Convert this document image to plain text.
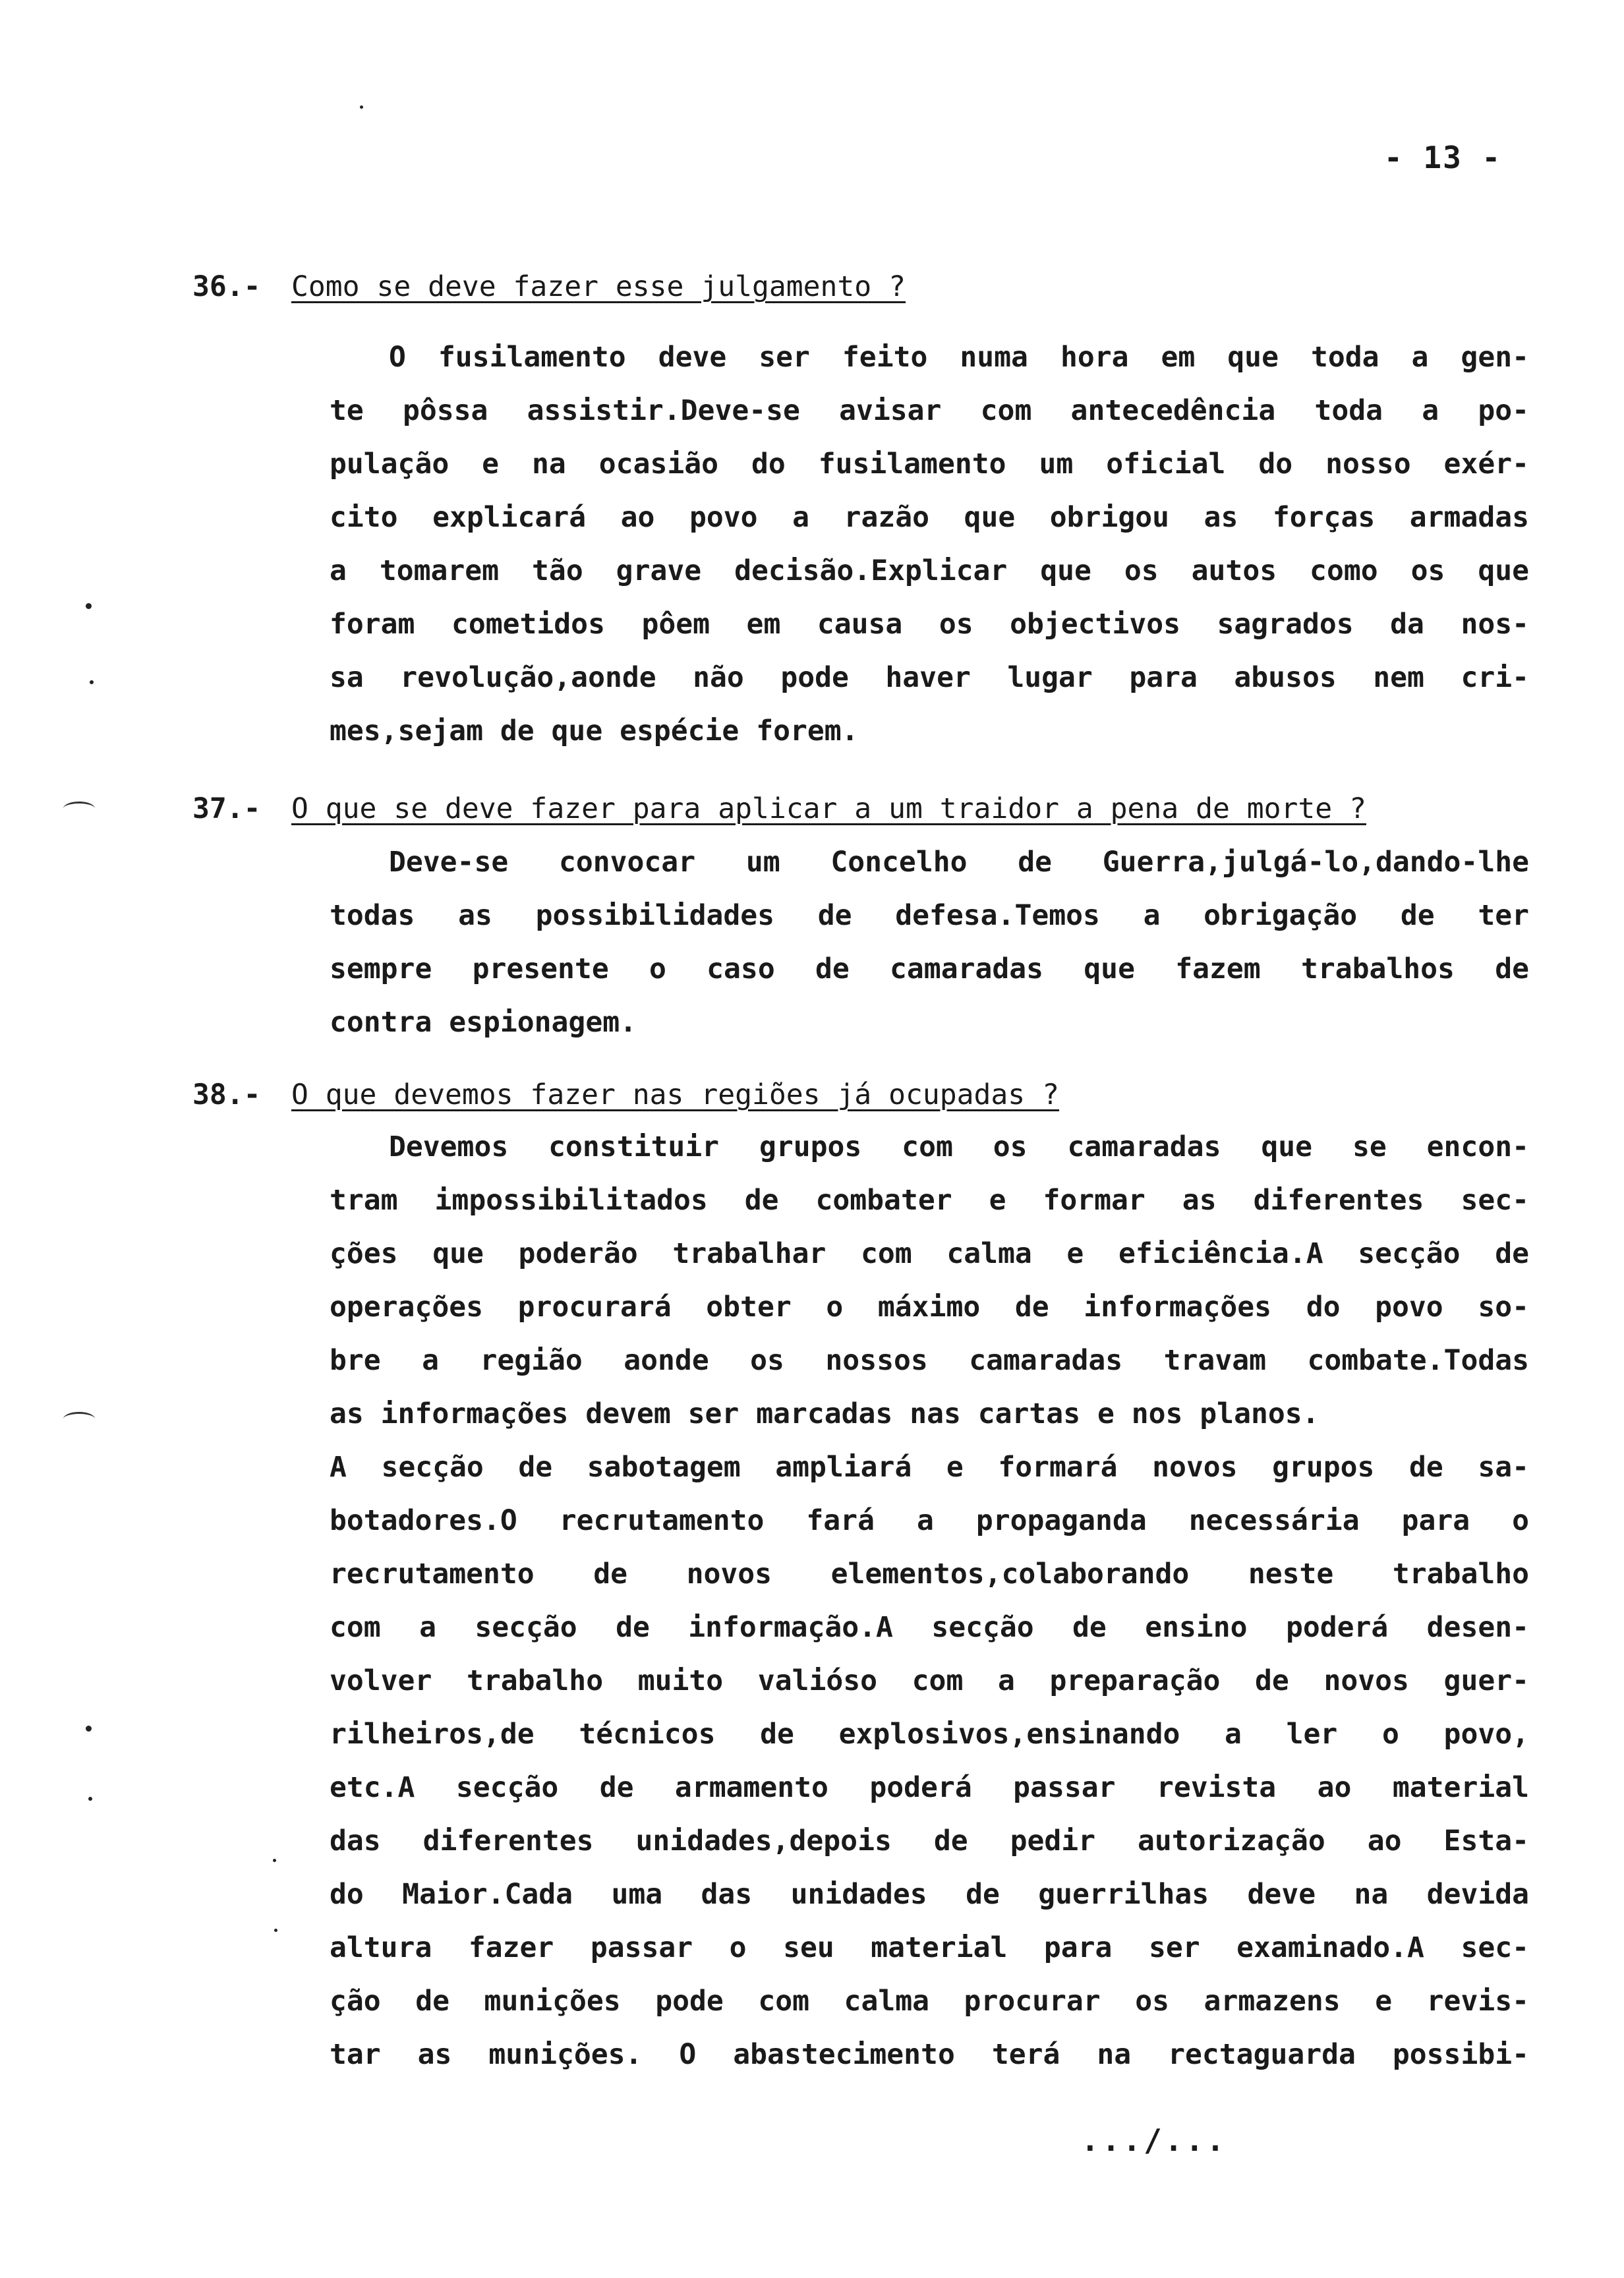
- 13 -
36.- Como se deve fazer esse julgamento ?
O fusilamento deve ser feito numa hora em que toda a gen-
te pôssa assistir.Deve-se avisar com antecedência toda a po-
pulação e na ocasião do fusilamento um oficial do nosso exér-
cito explicará ao povo a razão que obrigou as forças armadas
a tomarem tão grave decisão.Explicar que os autos como os que
foram cometidos pôem em causa os objectivos sagrados da nos-
sa revolução,aonde não pode haver lugar para abusos nem cri-
mes,sejam de que espécie forem.
37.- O que se deve fazer para aplicar a um traidor a pena de morte ?
Deve-se convocar um Concelho de Guerra,julgá-lo,dando-lhe
todas as possibilidades de defesa.Temos a obrigação de ter
sempre presente o caso de camaradas que fazem trabalhos de
contra espionagem.
38.- O que devemos fazer nas regiões já ocupadas ?
Devemos constituir grupos com os camaradas que se encon-
tram impossibilitados de combater e formar as diferentes sec-
ções que poderão trabalhar com calma e eficiência.A secção de
operações procurará obter o máximo de informações do povo so-
bre a região aonde os nossos camaradas travam combate.Todas
as informações devem ser marcadas nas cartas e nos planos.
A secção de sabotagem ampliará e formará novos grupos de sa-
botadores.O recrutamento fará a propaganda necessária para o
recrutamento de novos elementos,colaborando neste trabalho
com a secção de informação.A secção de ensino poderá desen-
volver trabalho muito valióso com a preparação de novos guer-
rilheiros,de técnicos de explosivos,ensinando a ler o povo,
etc.A secção de armamento poderá passar revista ao material
das diferentes unidades,depois de pedir autorização ao Esta-
do Maior.Cada uma das unidades de guerrilhas deve na devida
altura fazer passar o seu material para ser examinado.A sec-
ção de munições pode com calma procurar os armazens e revis-
tar as munições. O abastecimento terá na rectaguarda possibi-
.../...
